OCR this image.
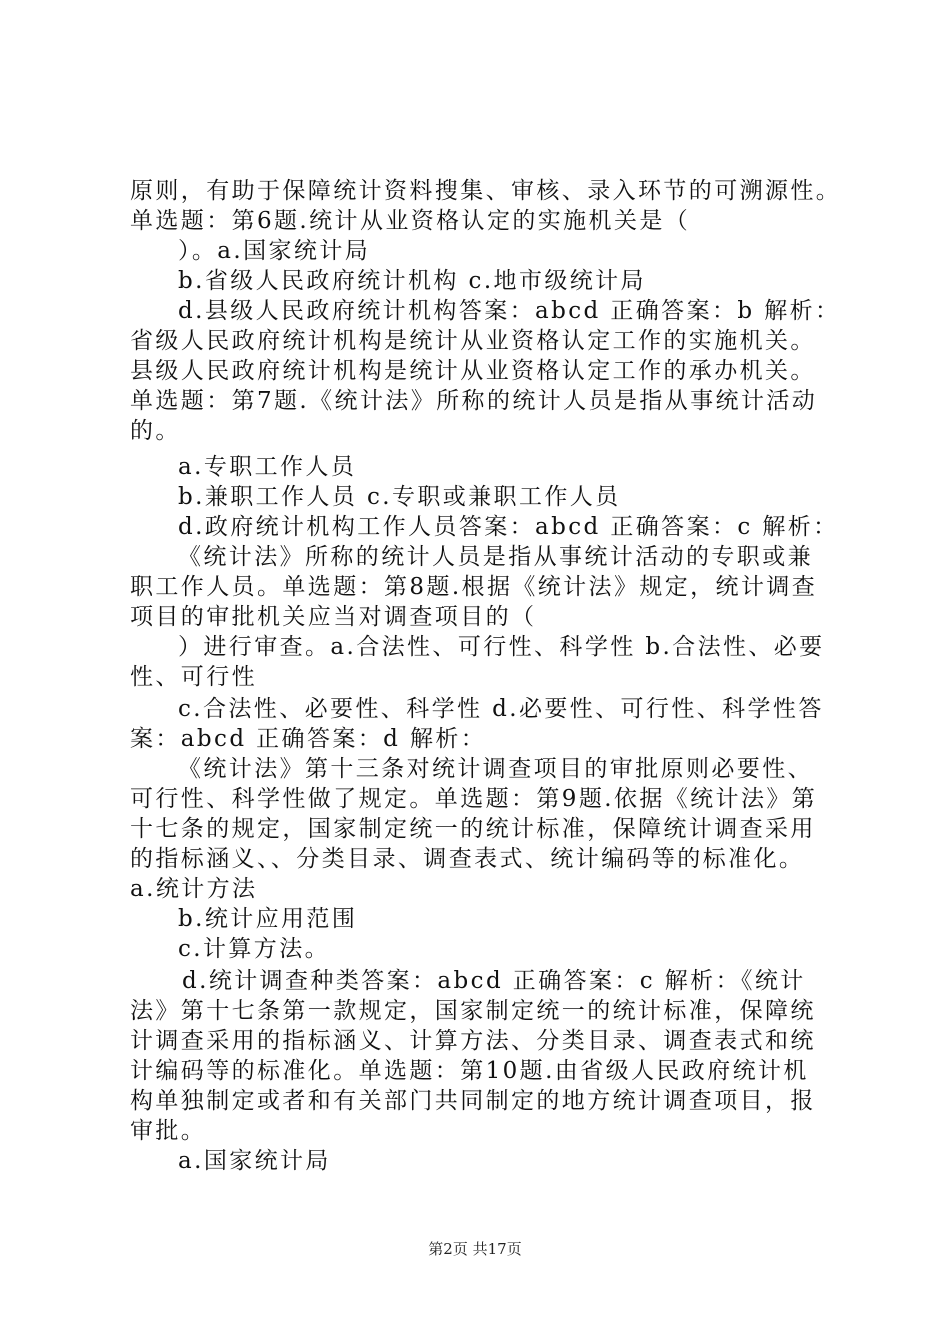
原则，有助于保障统计资料搜集、审核、录入环节的可溯源性。
单选题：第6题.统计从业资格认定的实施机关是（
）。a.国家统计局
b.省级人民政府统计机构 c.地市级统计局
d.县级人民政府统计机构答案：abcd 正确答案：b 解析：
省级人民政府统计机构是统计从业资格认定工作的实施机关。
县级人民政府统计机构是统计从业资格认定工作的承办机关。
单选题：第7题.《统计法》所称的统计人员是指从事统计活动
的。
a.专职工作人员
b.兼职工作人员 c.专职或兼职工作人员
d.政府统计机构工作人员答案：abcd 正确答案：c 解析：
《统计法》所称的统计人员是指从事统计活动的专职或兼
职工作人员。单选题：第8题.根据《统计法》规定，统计调查
项目的审批机关应当对调查项目的（
）进行审查。a.合法性、可行性、科学性 b.合法性、必要
性、可行性
c.合法性、必要性、科学性 d.必要性、可行性、科学性答
案：abcd 正确答案：d 解析：
《统计法》第十三条对统计调查项目的审批原则必要性、
可行性、科学性做了规定。单选题：第9题.依据《统计法》第
十七条的规定，国家制定统一的统计标准，保障统计调查采用
的指标涵义、、分类目录、调查表式、统计编码等的标准化。
a.统计方法
b.统计应用范围
c.计算方法。
d.统计调查种类答案：abcd 正确答案：c 解析：《统计
法》第十七条第一款规定，国家制定统一的统计标准，保障统
计调查采用的指标涵义、计算方法、分类目录、调查表式和统
计编码等的标准化。单选题：第10题.由省级人民政府统计机
构单独制定或者和有关部门共同制定的地方统计调查项目，报
审批。
a.国家统计局
第2页 共17页
